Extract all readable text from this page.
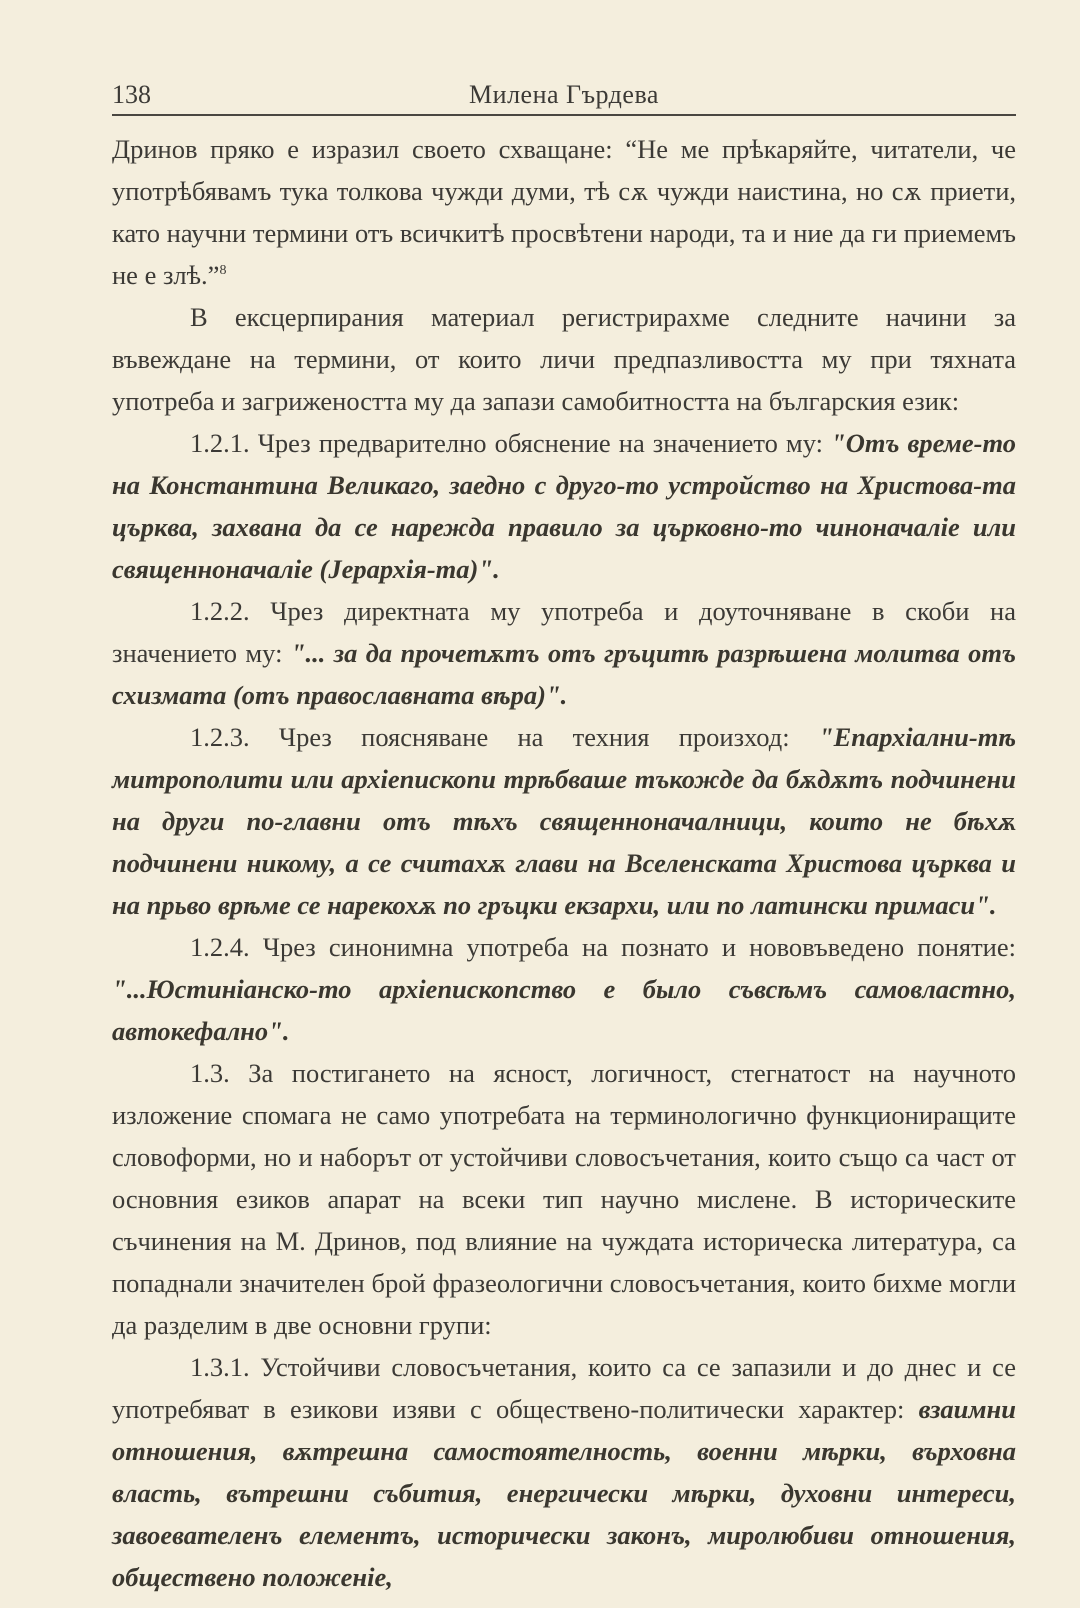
138	Милена Гърдева

Дринов пряко е изразил своето схващане: “Не ме прѣкаряйте, читатели, че употрѣбявамъ тука толкова чужди думи, тѣ сѫ чужди наистина, но сѫ приети, като научни термини отъ всичкитѣ просвѣтени народи, та и ние да ги приемемъ не е злѣ.”$^8$

В ексцерпирания материал регистрирахме следните начини за въвеждане на термини, от които личи предпазливостта му при тяхната употреба и загрижеността му да запази самобитността на българския език:

1.2.1. Чрез предварително обяснение на значението му: "Отъ време-то на Константина Великаго, заедно с друго-то устройство на Христова-та църква, захвана да се нарежда правило за църковно-то чиноначаліе или священноначаліе (Јерархія-та)".

1.2.2. Чрез директната му употреба и доуточняване в скоби на значението му: "... за да прочетѫтъ отъ гръцитѣ разрѣшена молитва отъ схизмата (отъ православната вѣра)".

1.2.3. Чрез поясняване на техния произход: "Епархіални-тѣ митрополити или архіепископи трѣбваше тъкожде да бѫдѫтъ подчинени на други по-главни отъ тѣхъ священноначалници, които не бѣхѫ подчинени никому, а се считахѫ глави на Вселенската Христова църква и на прьво врѣме се нарекохѫ по гръцки екзархи, или по латински примаси".

1.2.4. Чрез синонимна употреба на познато и нововъведено понятие: "...Юстиніанско-то архіепископство е было съвсѣмъ самовластно, автокефално".

1.3. За постигането на яснoст, логичност, стегнатост на научното изложение спомага не само употребата на терминологично функциониращите словоформи, но и наборът от устойчиви словосъчетания, които също са част от основния езиков апарат на всеки тип научно мислене. В историческите съчинения на М. Дринов, под влияние на чуждата историческа литература, са попаднали значителен брой фразеологични словосъчетания, които бихме могли да разделим в две основни групи:

1.3.1. Устойчиви словосъчетания, които са се запазили и до днес и се употребяват в езикови изяви с обществено-политически характер: взаимни отношения, вѫтрешна самостоятелность, военни мѣрки, върховна власть, вътрешни събития, енергически мѣрки, духовни интереси, завоевателенъ елементъ, исторически законъ, миролюбиви отношения, обществено положеніе,
